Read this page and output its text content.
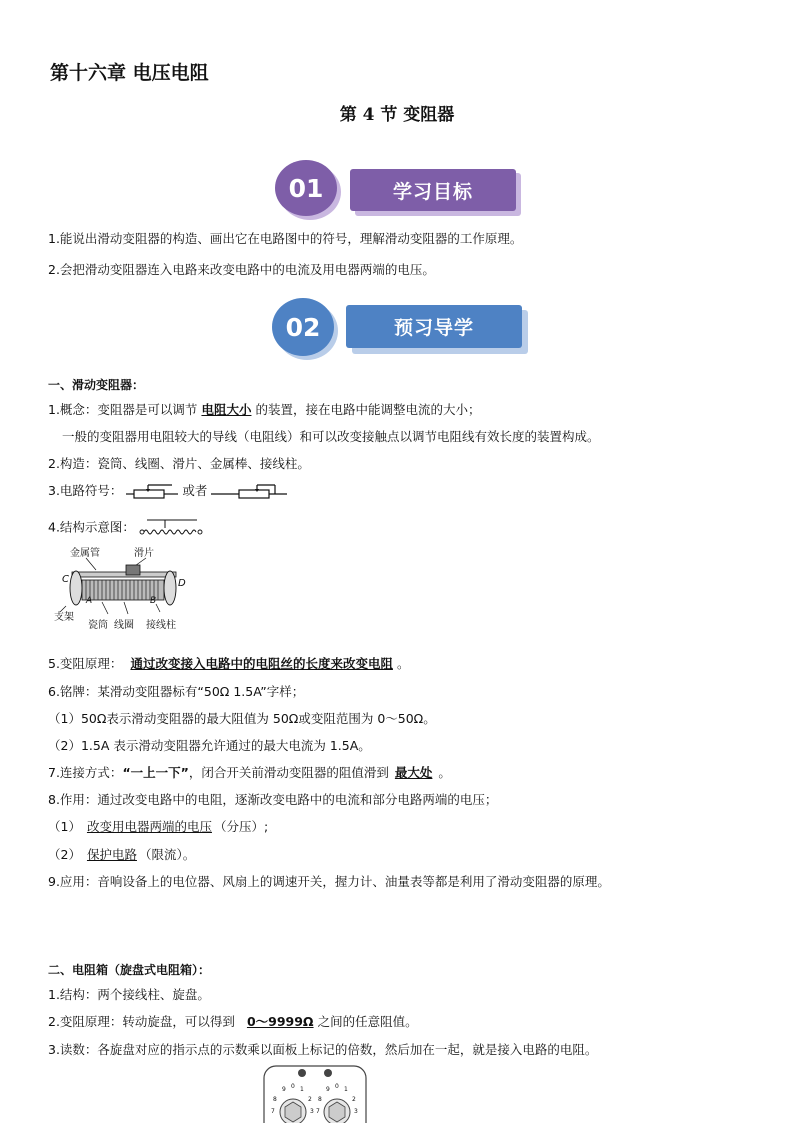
第十六章 电压电阻
第 4 节 变阻器
学习目标
01
1.能说出滑动变阻器的构造、画出它在电路图中的符号，理解滑动变阻器的工作原理。
2.会把滑动变阻器连入电路来改变电路中的电流及用电器两端的电压。
预习导学
02
一、滑动变阻器：
1.概念：变阻器是可以调节 电阻大小 的装置，接在电路中能调整电流的大小；
一般的变阻器用电阻较大的导线（电阻线）和可以改变接触点以调节电阻线有效长度的装置构成。
2.构造：瓷筒、线圈、滑片、金属棒、接线柱。
3.电路符号：	或者
4.结构示意图：
金属管	滑片
C	D
A	B
支架
瓷筒 线圈 接线柱
5.变阻原理： 通过改变接入电路中的电阻丝的长度来改变电阻 。
6.铭牌：某滑动变阻器标有“50Ω 1.5A”字样；
（1）50Ω表示滑动变阻器的最大阻值为 50Ω或变阻范围为 0～50Ω。
（2）1.5A 表示滑动变阻器允许通过的最大电流为 1.5A。
7.连接方式：“一上一下”，闭合开关前滑动变阻器的阻值滑到 最大处 。
8.作用：通过改变电路中的电阻，逐渐改变电路中的电流和部分电路两端的电压；
（1） 改变用电器两端的电压 （分压）;
（2） 保护电路 （限流）。
9.应用：音响设备上的电位器、风扇上的调速开关，握力计、油量表等都是利用了滑动变阻器的原理。
二、电阻箱（旋盘式电阻箱）：
1.结构：两个接线柱、旋盘。
2.变阻原理：转动旋盘，可以得到 0～9999Ω 之间的任意阻值。
3.读数：各旋盘对应的指示点的示数乘以面板上标记的倍数，然后加在一起，就是接入电路的电阻。
9 0 1
8	2
7	3
9 0 1
8	2
7	3
